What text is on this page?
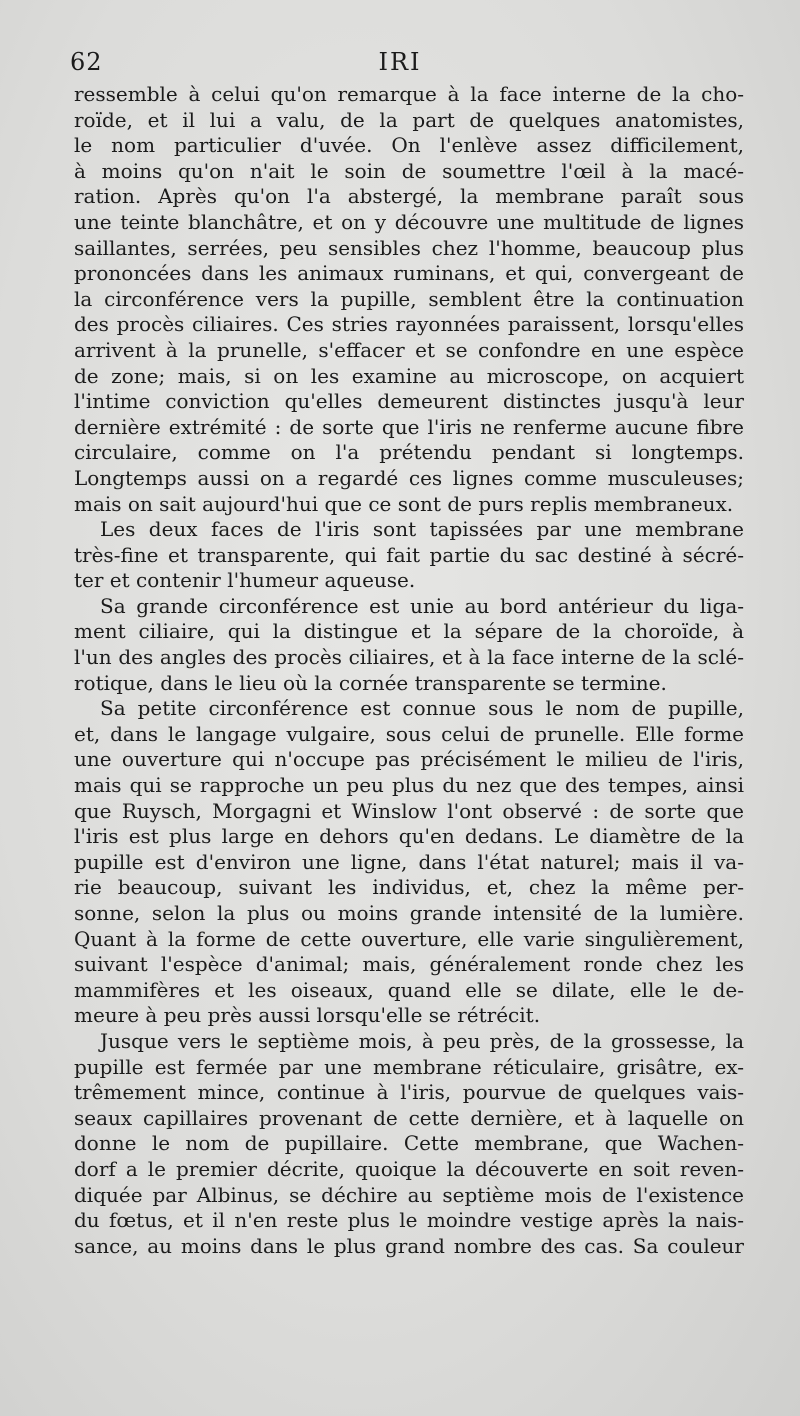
62	IRI
ressemble à celui qu'on remarque à la face interne de la cho-
roïde, et il lui a valu, de la part de quelques anatomistes,
le nom particulier d'uvée. On l'enlève assez difficilement,
à moins qu'on n'ait le soin de soumettre l'œil à la macé-
ration. Après qu'on l'a abstergé, la membrane paraît sous
une teinte blanchâtre, et on y découvre une multitude de lignes
saillantes, serrées, peu sensibles chez l'homme, beaucoup plus
prononcées dans les animaux ruminans, et qui, convergeant de
la circonférence vers la pupille, semblent être la continuation
des procès ciliaires. Ces stries rayonnées paraissent, lorsqu'elles
arrivent à la prunelle, s'effacer et se confondre en une espèce
de zone; mais, si on les examine au microscope, on acquiert
l'intime conviction qu'elles demeurent distinctes jusqu'à leur
dernière extrémité : de sorte que l'iris ne renferme aucune fibre
circulaire, comme on l'a prétendu pendant si longtemps.
Longtemps aussi on a regardé ces lignes comme musculeuses;
mais on sait aujourd'hui que ce sont de purs replis membraneux.
Les deux faces de l'iris sont tapissées par une membrane
très-fine et transparente, qui fait partie du sac destiné à sécré-
ter et contenir l'humeur aqueuse.
Sa grande circonférence est unie au bord antérieur du liga-
ment ciliaire, qui la distingue et la sépare de la choroïde, à
l'un des angles des procès ciliaires, et à la face interne de la sclé-
rotique, dans le lieu où la cornée transparente se termine.
Sa petite circonférence est connue sous le nom de pupille,
et, dans le langage vulgaire, sous celui de prunelle. Elle forme
une ouverture qui n'occupe pas précisément le milieu de l'iris,
mais qui se rapproche un peu plus du nez que des tempes, ainsi
que Ruysch, Morgagni et Winslow l'ont observé : de sorte que
l'iris est plus large en dehors qu'en dedans. Le diamètre de la
pupille est d'environ une ligne, dans l'état naturel; mais il va-
rie beaucoup, suivant les individus, et, chez la même per-
sonne, selon la plus ou moins grande intensité de la lumière.
Quant à la forme de cette ouverture, elle varie singulièrement,
suivant l'espèce d'animal; mais, généralement ronde chez les
mammifères et les oiseaux, quand elle se dilate, elle le de-
meure à peu près aussi lorsqu'elle se rétrécit.
Jusque vers le septième mois, à peu près, de la grossesse, la
pupille est fermée par une membrane réticulaire, grisâtre, ex-
trêmement mince, continue à l'iris, pourvue de quelques vais-
seaux capillaires provenant de cette dernière, et à laquelle on
donne le nom de pupillaire. Cette membrane, que Wachen-
dorf a le premier décrite, quoique la découverte en soit reven-
diquée par Albinus, se déchire au septième mois de l'existence
du fœtus, et il n'en reste plus le moindre vestige après la nais-
sance, au moins dans le plus grand nombre des cas. Sa couleur
